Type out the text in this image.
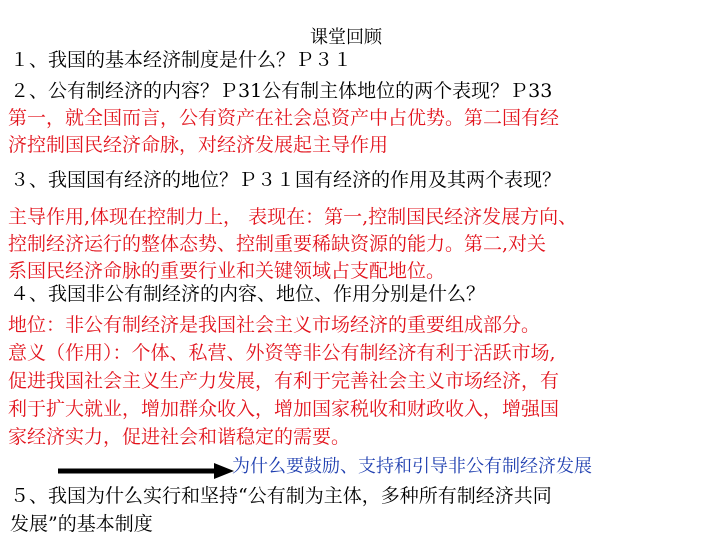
课堂回顾
１、我国的基本经济制度是什么？Ｐ３１
２、公有制经济的内容？Ｐ31公有制主体地位的两个表现？Ｐ33
第一，就全国而言，公有资产在社会总资产中占优势。第二国有经
济控制国民经济命脉，对经济发展起主导作用
３、我国国有经济的地位？Ｐ３１国有经济的作用及其两个表现？
主导作用,体现在控制力上， 表现在：第一,控制国民经济发展方向、
控制经济运行的整体态势、控制重要稀缺资源的能力。第二,对关
系国民经济命脉的重要行业和关键领域占支配地位。
４、我国非公有制经济的内容、地位、作用分别是什么？
地位：非公有制经济是我国社会主义市场经济的重要组成部分。
意义（作用）：个体、私营、外资等非公有制经济有利于活跃市场,
促进我国社会主义生产力发展，有利于完善社会主义市场经济，有
利于扩大就业，增加群众收入，增加国家税收和财政收入，增强国
家经济实力，促进社会和谐稳定的需要。
为什么要鼓励、支持和引导非公有制经济发展
５、我国为什么实行和坚持“公有制为主体，多种所有制经济共同
发展”的基本制度
